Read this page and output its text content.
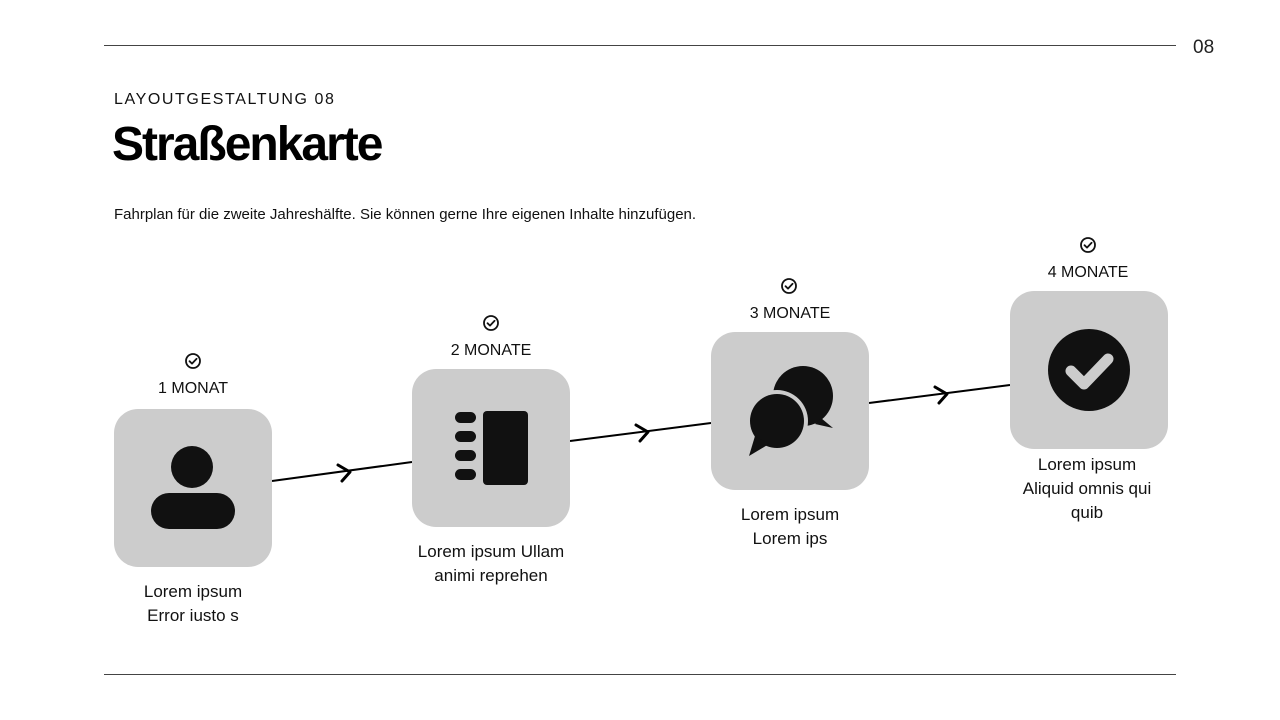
08
LAYOUTGESTALTUNG 08
Straßenkarte
Fahrplan für die zweite Jahreshälfte. Sie können gerne Ihre eigenen Inhalte hinzufügen.
1 MONAT
Lorem ipsum
Error iusto s
2 MONATE
Lorem ipsum Ullam
animi reprehen
3 MONATE
Lorem ipsum
Lorem ips
4 MONATE
Lorem ipsum
Aliquid omnis qui
quib
